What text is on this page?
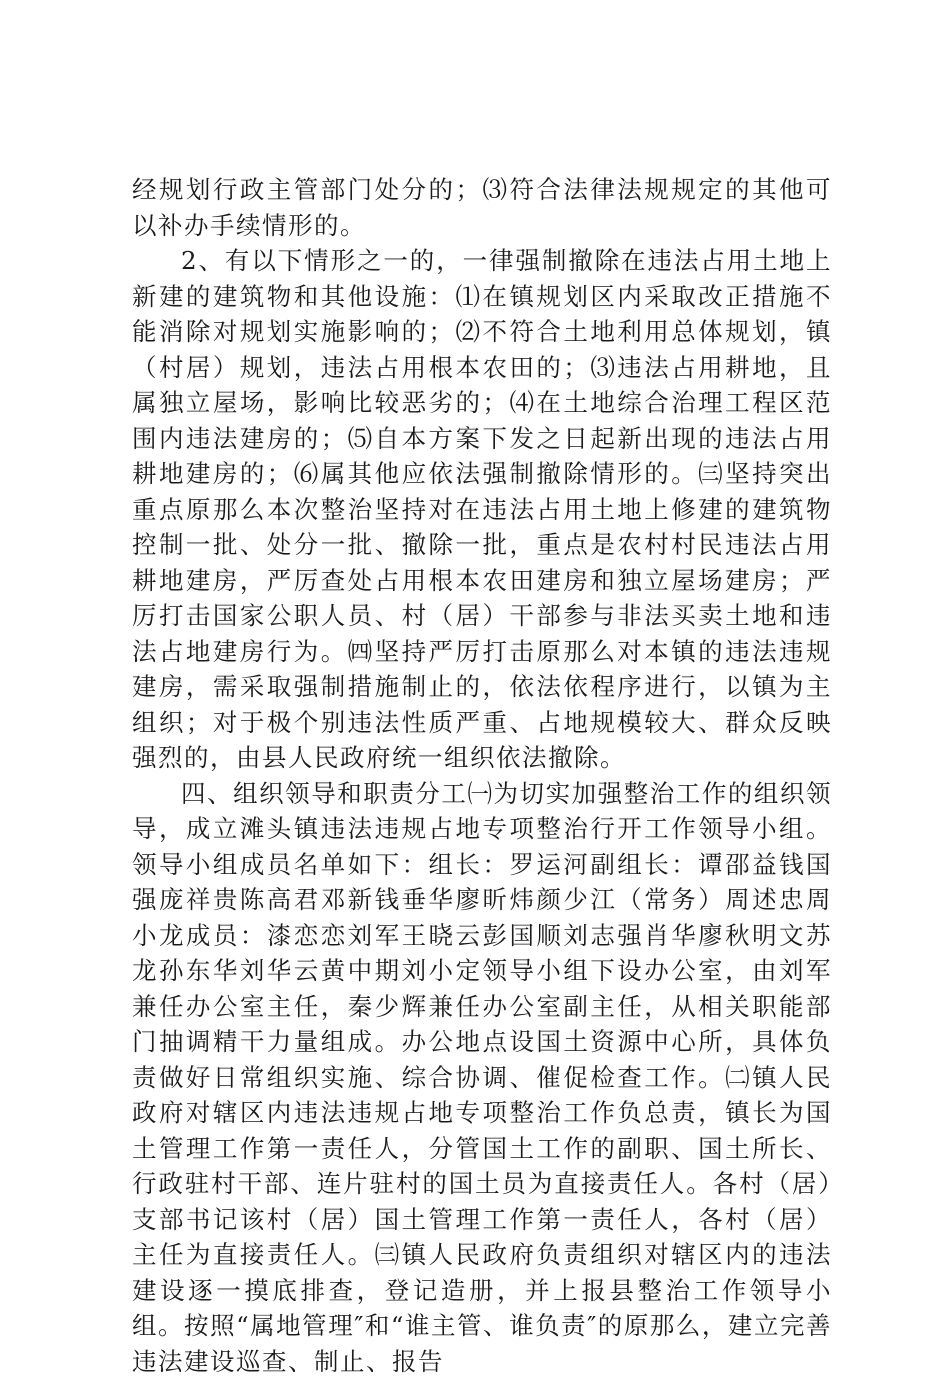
经规划行政主管部门处分的；⑶符合法律法规规定的其他可以补办手续情形的。

2、有以下情形之一的，一律强制撤除在违法占用土地上新建的建筑物和其他设施：⑴在镇规划区内采取改正措施不能消除对规划实施影响的；⑵不符合土地利用总体规划，镇（村居）规划，违法占用根本农田的；⑶违法占用耕地，且属独立屋场，影响比较恶劣的；⑷在土地综合治理工程区范围内违法建房的；⑸自本方案下发之日起新出现的违法占用耕地建房的；⑹属其他应依法强制撤除情形的。㈢坚持突出重点原那么本次整治坚持对在违法占用土地上修建的建筑物控制一批、处分一批、撤除一批，重点是农村村民违法占用耕地建房，严厉查处占用根本农田建房和独立屋场建房；严厉打击国家公职人员、村（居）干部参与非法买卖土地和违法占地建房行为。㈣坚持严厉打击原那么对本镇的违法违规建房，需采取强制措施制止的，依法依程序进行，以镇为主组织；对于极个别违法性质严重、占地规模较大、群众反映强烈的，由县人民政府统一组织依法撤除。

四、组织领导和职责分工㈠为切实加强整治工作的组织领导，成立滩头镇违法违规占地专项整治行开工作领导小组。领导小组成员名单如下：组长：罗运河副组长：谭邵益钱国强庞祥贵陈高君邓新钱垂华廖昕炜颜少江（常务）周述忠周小龙成员：漆恋恋刘军王晓云彭国顺刘志强肖华廖秋明文苏龙孙东华刘华云黄中期刘小定领导小组下设办公室，由刘军兼任办公室主任，秦少辉兼任办公室副主任，从相关职能部门抽调精干力量组成。办公地点设国土资源中心所，具体负责做好日常组织实施、综合协调、催促检查工作。㈡镇人民政府对辖区内违法违规占地专项整治工作负总责，镇长为国土管理工作第一责任人，分管国土工作的副职、国土所长、行政驻村干部、连片驻村的国土员为直接责任人。各村（居）支部书记该村（居）国土管理工作第一责任人，各村（居）主任为直接责任人。㈢镇人民政府负责组织对辖区内的违法建设逐一摸底排查，登记造册，并上报县整治工作领导小组。按照“属地管理″和“谁主管、谁负责″的原那么，建立完善违法建设巡查、制止、报告
